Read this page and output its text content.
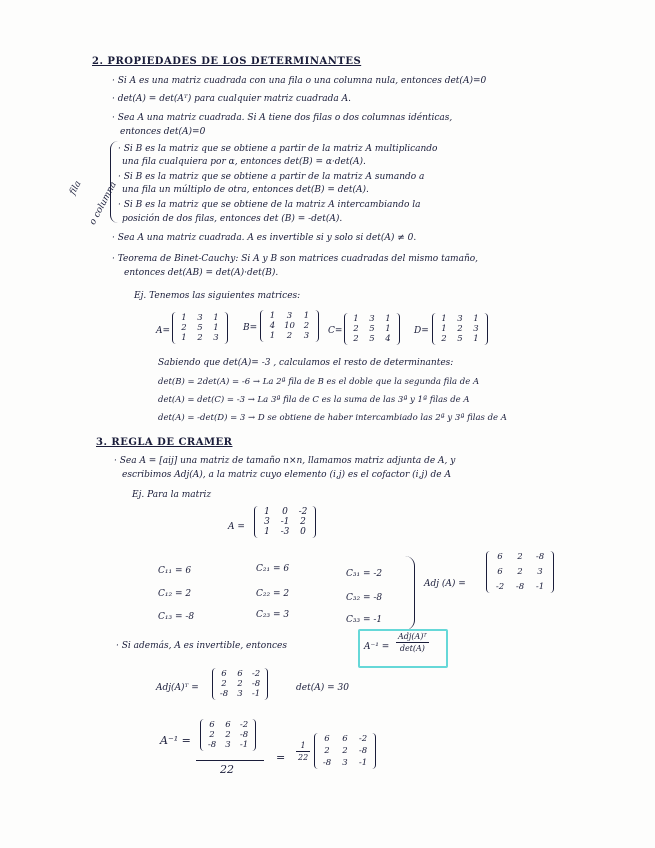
2. PROPIEDADES DE LOS DETERMINANTES
· Si A es una matriz cuadrada con una fila o una columna nula, entonces det(A)=0
· det(A) = det(Aᵀ) para cualquier matriz cuadrada A.
· Sea A una matriz cuadrada. Si A tiene dos filas o dos columnas idénticas,
entonces det(A)=0
· Si B es la matriz que se obtiene a partir de la matriz A multiplicando
una fila cualquiera por α, entonces det(B) = α·det(A).
· Si B es la matriz que se obtiene a partir de la matriz A sumando a
una fila un múltiplo de otra, entonces det(B) = det(A).
· Si B es la matriz que se obtiene de la matriz A intercambiando la
posición de dos filas, entonces det (B) = -det(A).
fila o columna
· Sea A una matriz cuadrada. A es invertible si y solo si det(A) ≠ 0.
· Teorema de Binet-Cauchy: Si A y B son matrices cuadradas del mismo tamaño,
entonces det(AB) = det(A)·det(B).
Ej. Tenemos las siguientes matrices:
A=
1 3 1
2 5 1
1 2 3
B=
1	3	1
4	10	2
1	2	3	C=
1 3 1
2 5 1
2 5 4
D=
1 3 1
1 2 3
2 5 1
Sabiendo que det(A)= -3 , calculamos el resto de determinantes:
det(B) = 2det(A) = -6 → La 2ª fila de B es el doble que la segunda fila de A
det(A) = det(C) = -3 → La 3ª fila de C es la suma de las 3ª y 1ª filas de A
det(A) = -det(D) = 3 → D se obtiene de haber intercambiado las 2ª y 3ª filas de A
3. REGLA DE CRAMER
· Sea A = [aij] una matriz de tamaño n×n, llamamos matriz adjunta de A, y
escribimos Adj(A), a la matriz cuyo elemento (i,j) es el cofactor (i,j) de A
Ej. Para la matriz
A =
1	0	-2
3	-1	2
1	-3	0
C₁₁ = 6
C₁₂ = 2
C₁₃ = -8
C₂₁ = 6
C₂₂ = 2
C₂₃ = 3
C₃₁ = -2
C₃₂ = -8
C₃₃ = -1
Adj (A) =
6	2	-8
6	2	3
-2	-8	-1
· Si además, A es invertible, entonces	A⁻¹ =
Adj(A)ᵀ
det(A)
Adj(A)ᵀ =
6 6 -2
2 2 -8
-8 3 -1
det(A) = 30
A⁻¹ =
6 6 -2
2 2 -8
-8 3 -1
22
=
1
22
6	6	-2
2	2	-8
-8	3	-1
